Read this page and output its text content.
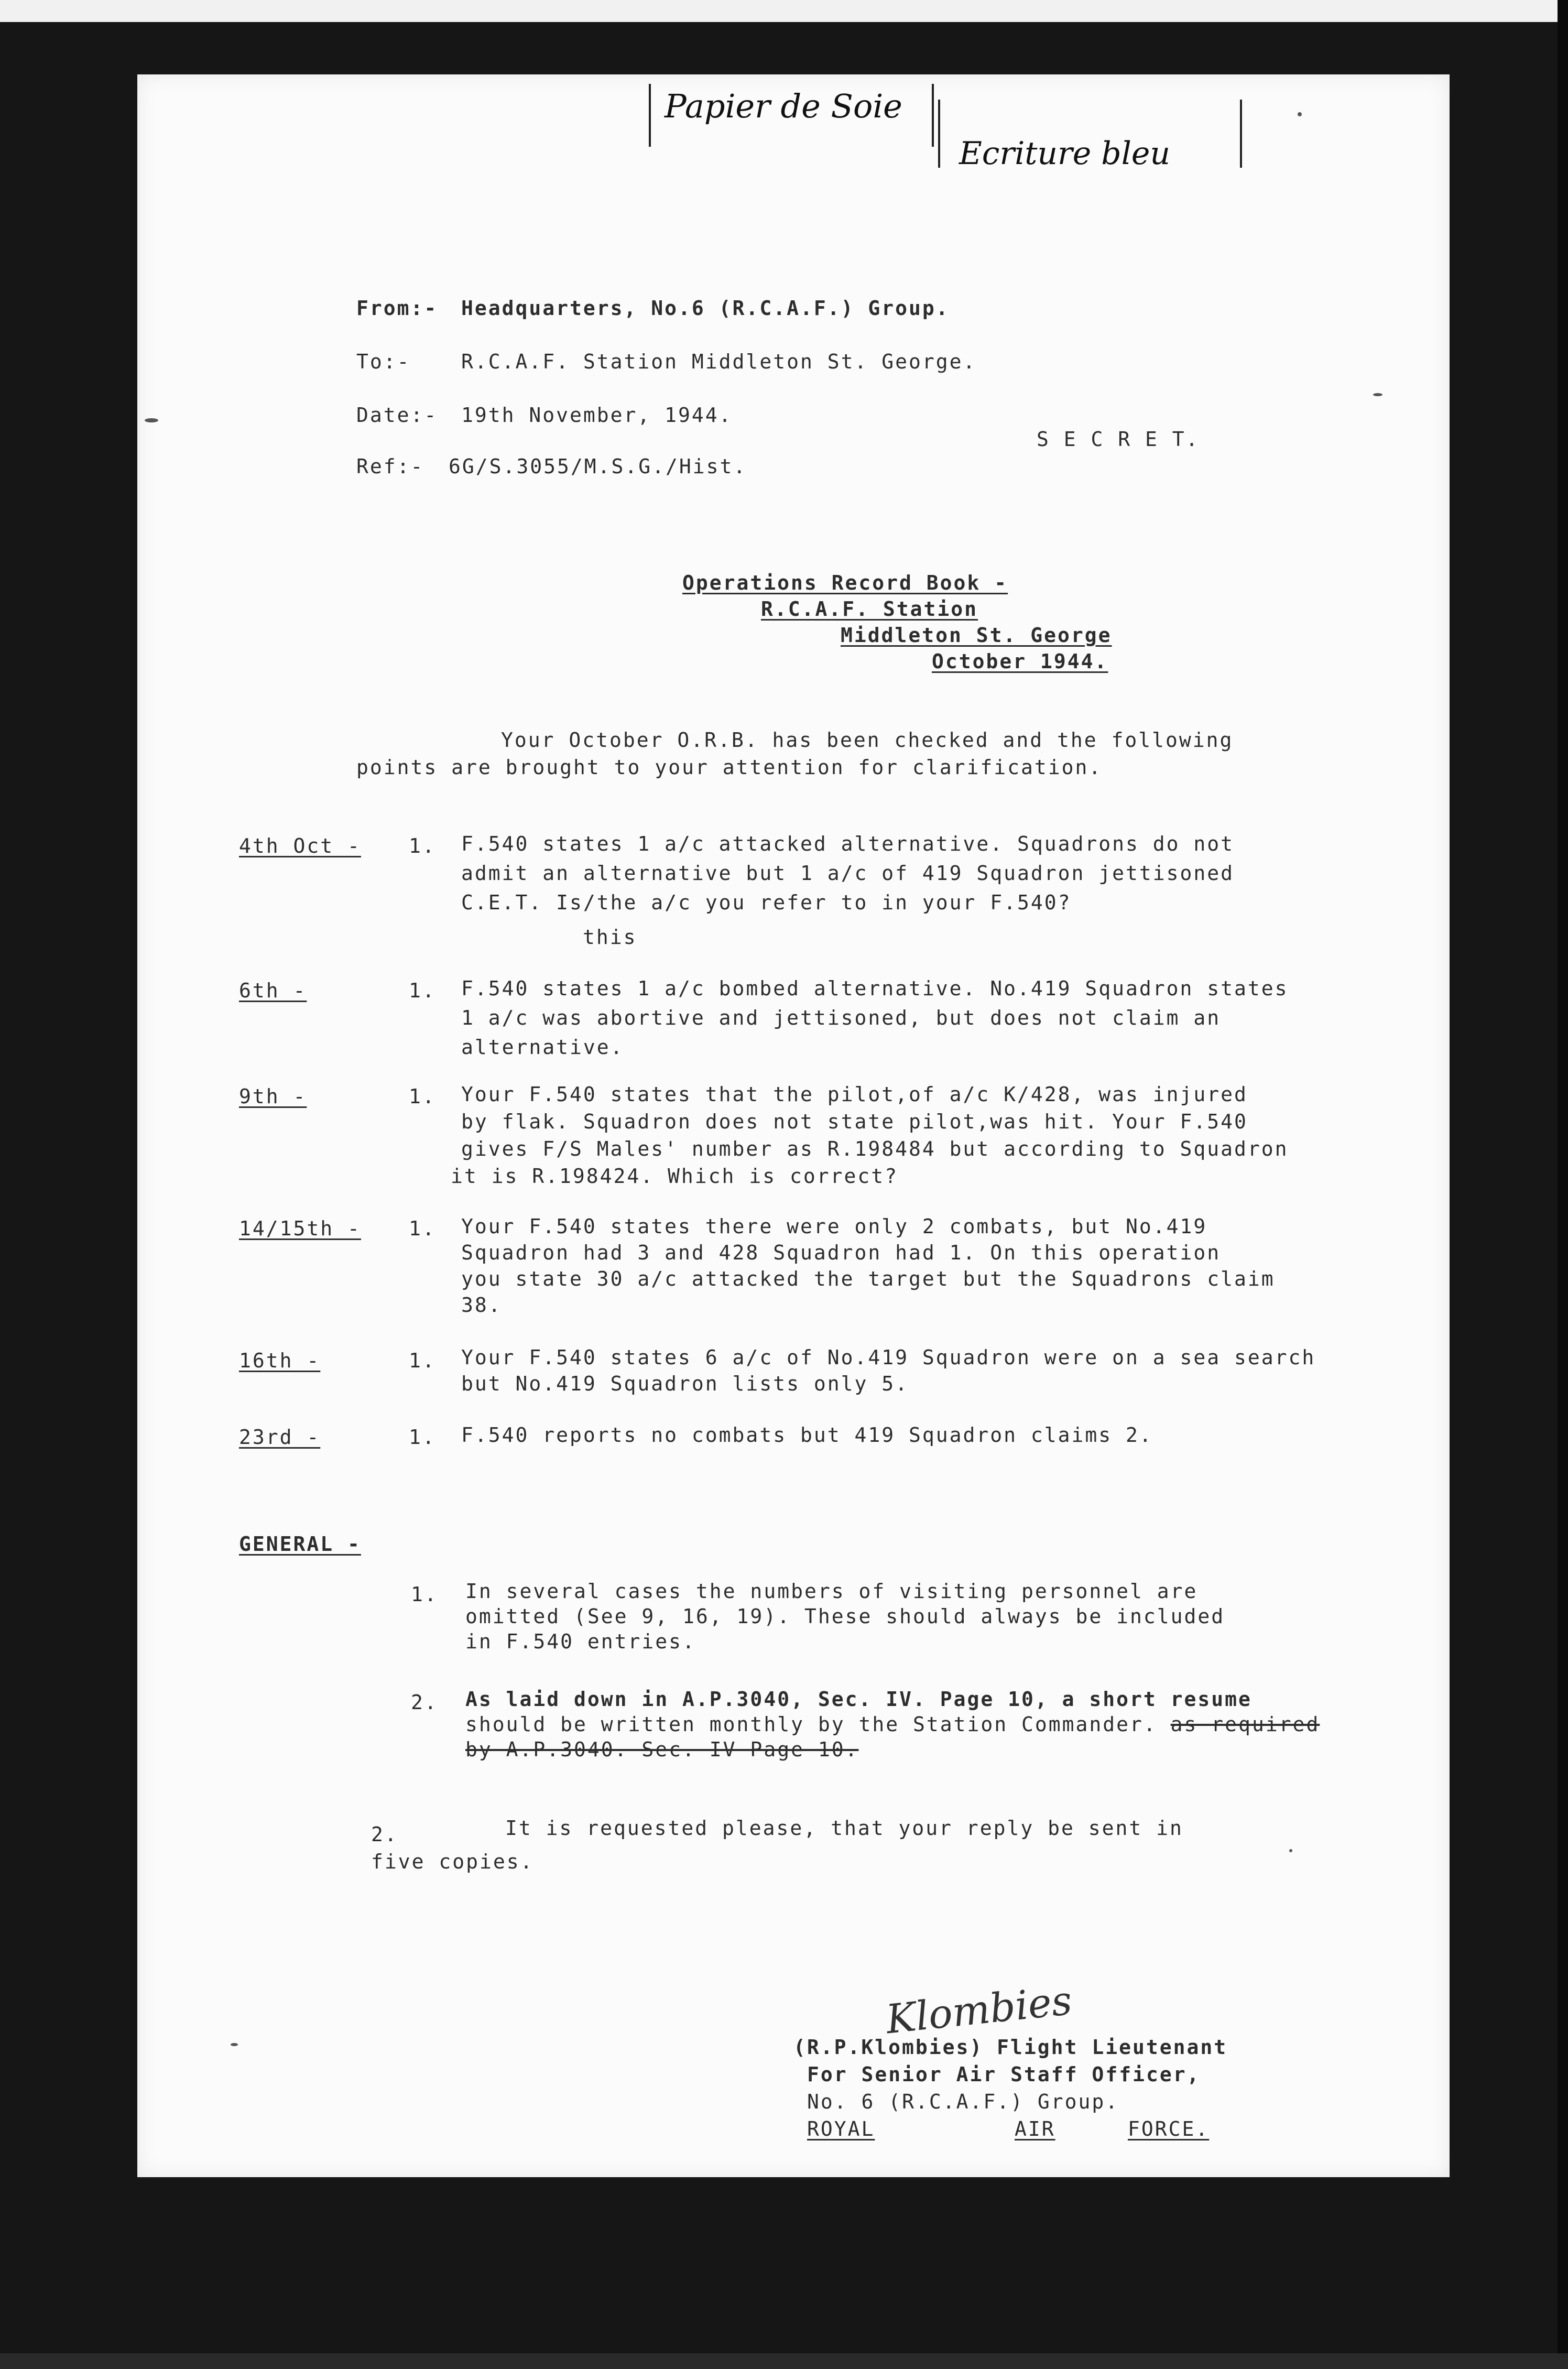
Papier de Soie
Ecriture bleu
From:- Headquarters, No.6 (R.C.A.F.) Group.
To:-	R.C.A.F. Station Middleton St. George.
Date:- 19th November, 1944.
S E C R E T.
Ref:- 6G/S.3055/M.S.G./Hist.
Operations Record Book -
R.C.A.F. Station
Middleton St. George
October 1944.
Your October O.R.B. has been checked and the following
points are brought to your attention for clarification.
4th Oct - 1. F.540 states 1 a/c attacked alternative. Squadrons do not
admit an alternative but 1 a/c of 419 Squadron jettisoned
C.E.T. Is/the a/c you refer to in your F.540?
this
6th -	1. F.540 states 1 a/c bombed alternative. No.419 Squadron states
1 a/c was abortive and jettisoned, but does not claim an
alternative.
9th -	1. Your F.540 states that the pilot,of a/c K/428, was injured
by flak. Squadron does not state pilot,was hit. Your F.540
gives F/S Males' number as R.198484 but according to Squadron
it is R.198424. Which is correct?
14/15th - 1. Your F.540 states there were only 2 combats, but No.419
Squadron had 3 and 428 Squadron had 1. On this operation
you state 30 a/c attacked the target but the Squadrons claim
38.
16th -	1. Your F.540 states 6 a/c of No.419 Squadron were on a sea search
but No.419 Squadron lists only 5.
23rd -	1. F.540 reports no combats but 419 Squadron claims 2.
GENERAL -
1. In several cases the numbers of visiting personnel are
omitted (See 9, 16, 19). These should always be included
in F.540 entries.
2. As laid down in A.P.3040, Sec. IV. Page 10, a short resume
should be written monthly by the Station Commander. as required
by A.P.3040. Sec. IV Page 10.
2.	It is requested please, that your reply be sent in
five copies.
Klombies
(R.P.Klombies) Flight Lieutenant
For Senior Air Staff Officer,
No. 6 (R.C.A.F.) Group.
ROYAL	AIR	FORCE.
